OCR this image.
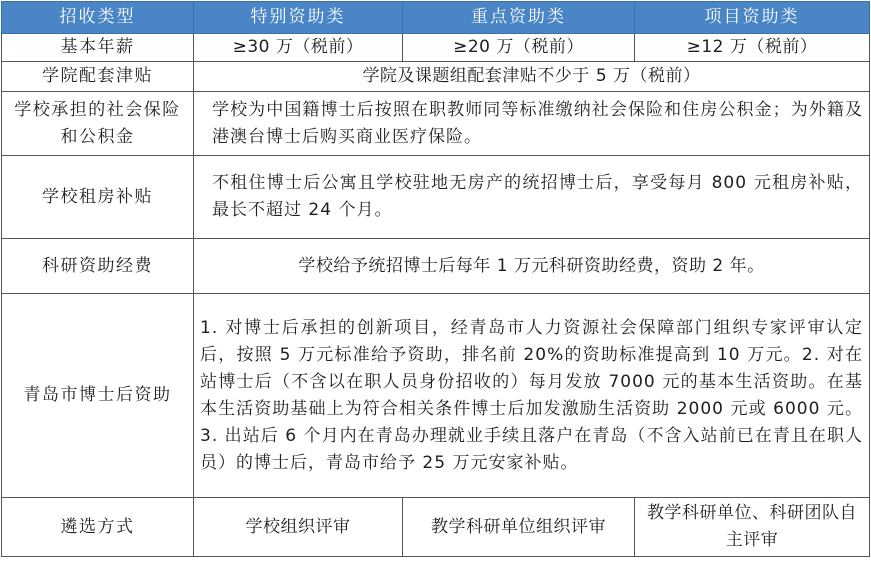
招收类型	特别资助类	重点资助类	项目资助类
基本年薪	≥30 万（税前）	≥20 万（税前）	≥12 万（税前）
学院配套津贴	学院及课题组配套津贴不少于 5 万（税前）		
学校承担的社会保险和公积金	学校为中国籍博士后按照在职教师同等标准缴纳社会保险和住房公积金；为外籍及港澳台博士后购买商业医疗保险。		
学校租房补贴	不租住博士后公寓且学校驻地无房产的统招博士后，享受每月 800 元租房补贴，最长不超过 24 个月。		
科研资助经费	学校给予统招博士后每年 1 万元科研资助经费，资助 2 年。		
青岛市博士后资助	1. 对博士后承担的创新项目，经青岛市人力资源社会保障部门组织专家评审认定后，按照 5 万元标准给予资助，排名前 20%的资助标准提高到 10 万元。2. 对在站博士后（不含以在职人员身份招收的）每月发放 7000 元的基本生活资助。在基本生活资助基础上为符合相关条件博士后加发激励生活资助 2000 元或 6000 元。3. 出站后 6 个月内在青岛办理就业手续且落户在青岛（不含入站前已在青且在职人员）的博士后，青岛市给予 25 万元安家补贴。		
遴选方式	学校组织评审	教学科研单位组织评审	教学科研单位、科研团队自主评审
